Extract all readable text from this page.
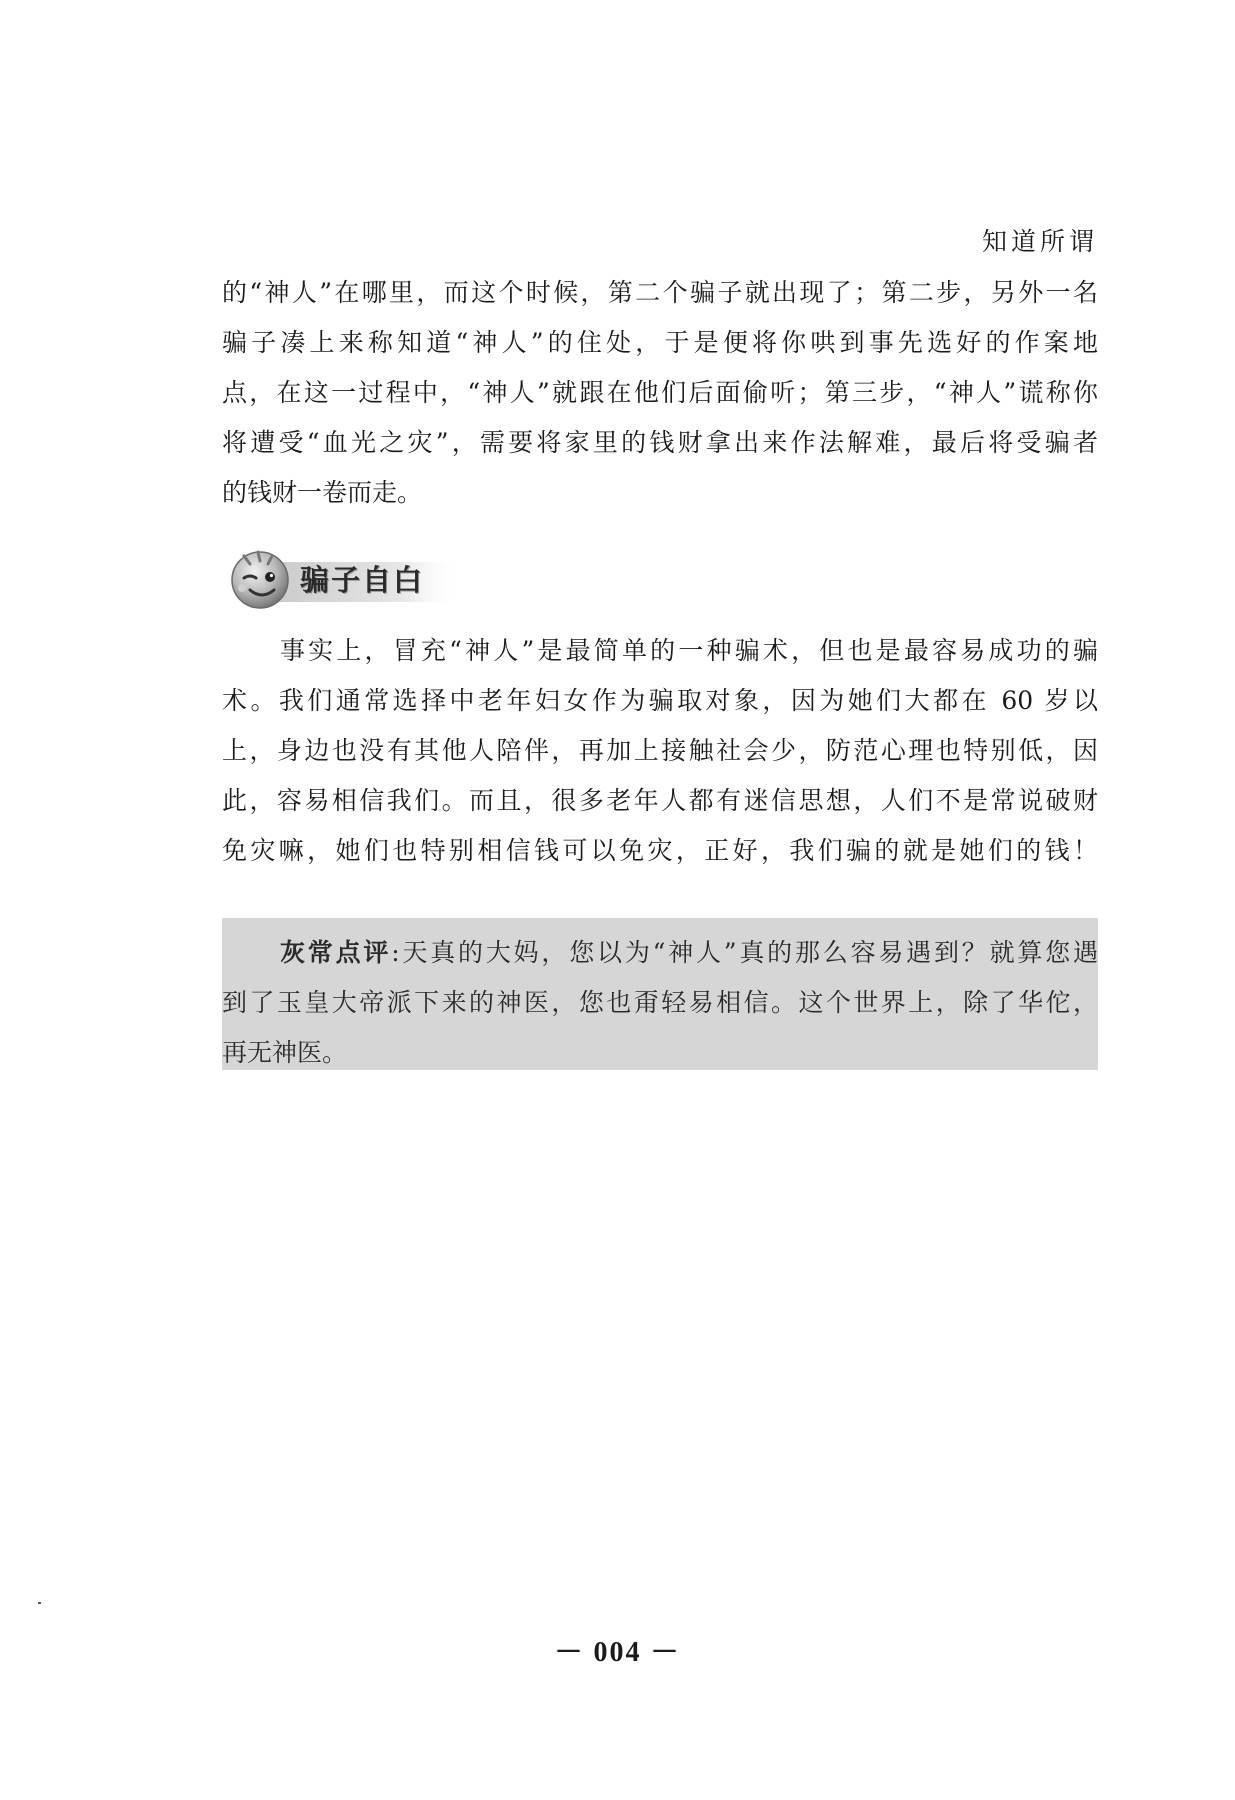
知道所谓
的“神人”在哪里，而这个时候，第二个骗子就出现了；第二步，另外一名
骗子凑上来称知道“神人”的住处，于是便将你哄到事先选好的作案地
点，在这一过程中，“神人”就跟在他们后面偷听；第三步，“神人”谎称你
将遭受“血光之灾”，需要将家里的钱财拿出来作法解难，最后将受骗者
的钱财一卷而走。
骗子自白
事实上，冒充“神人”是最简单的一种骗术，但也是最容易成功的骗
术。我们通常选择中老年妇女作为骗取对象，因为她们大都在 60 岁以
上，身边也没有其他人陪伴，再加上接触社会少，防范心理也特别低，因
此，容易相信我们。而且，很多老年人都有迷信思想，人们不是常说破财
免灾嘛，她们也特别相信钱可以免灾，正好，我们骗的就是她们的钱！
灰常点评:天真的大妈，您以为“神人”真的那么容易遇到？就算您遇
到了玉皇大帝派下来的神医，您也甭轻易相信。这个世界上，除了华佗，
再无神医。
－ 004 －
